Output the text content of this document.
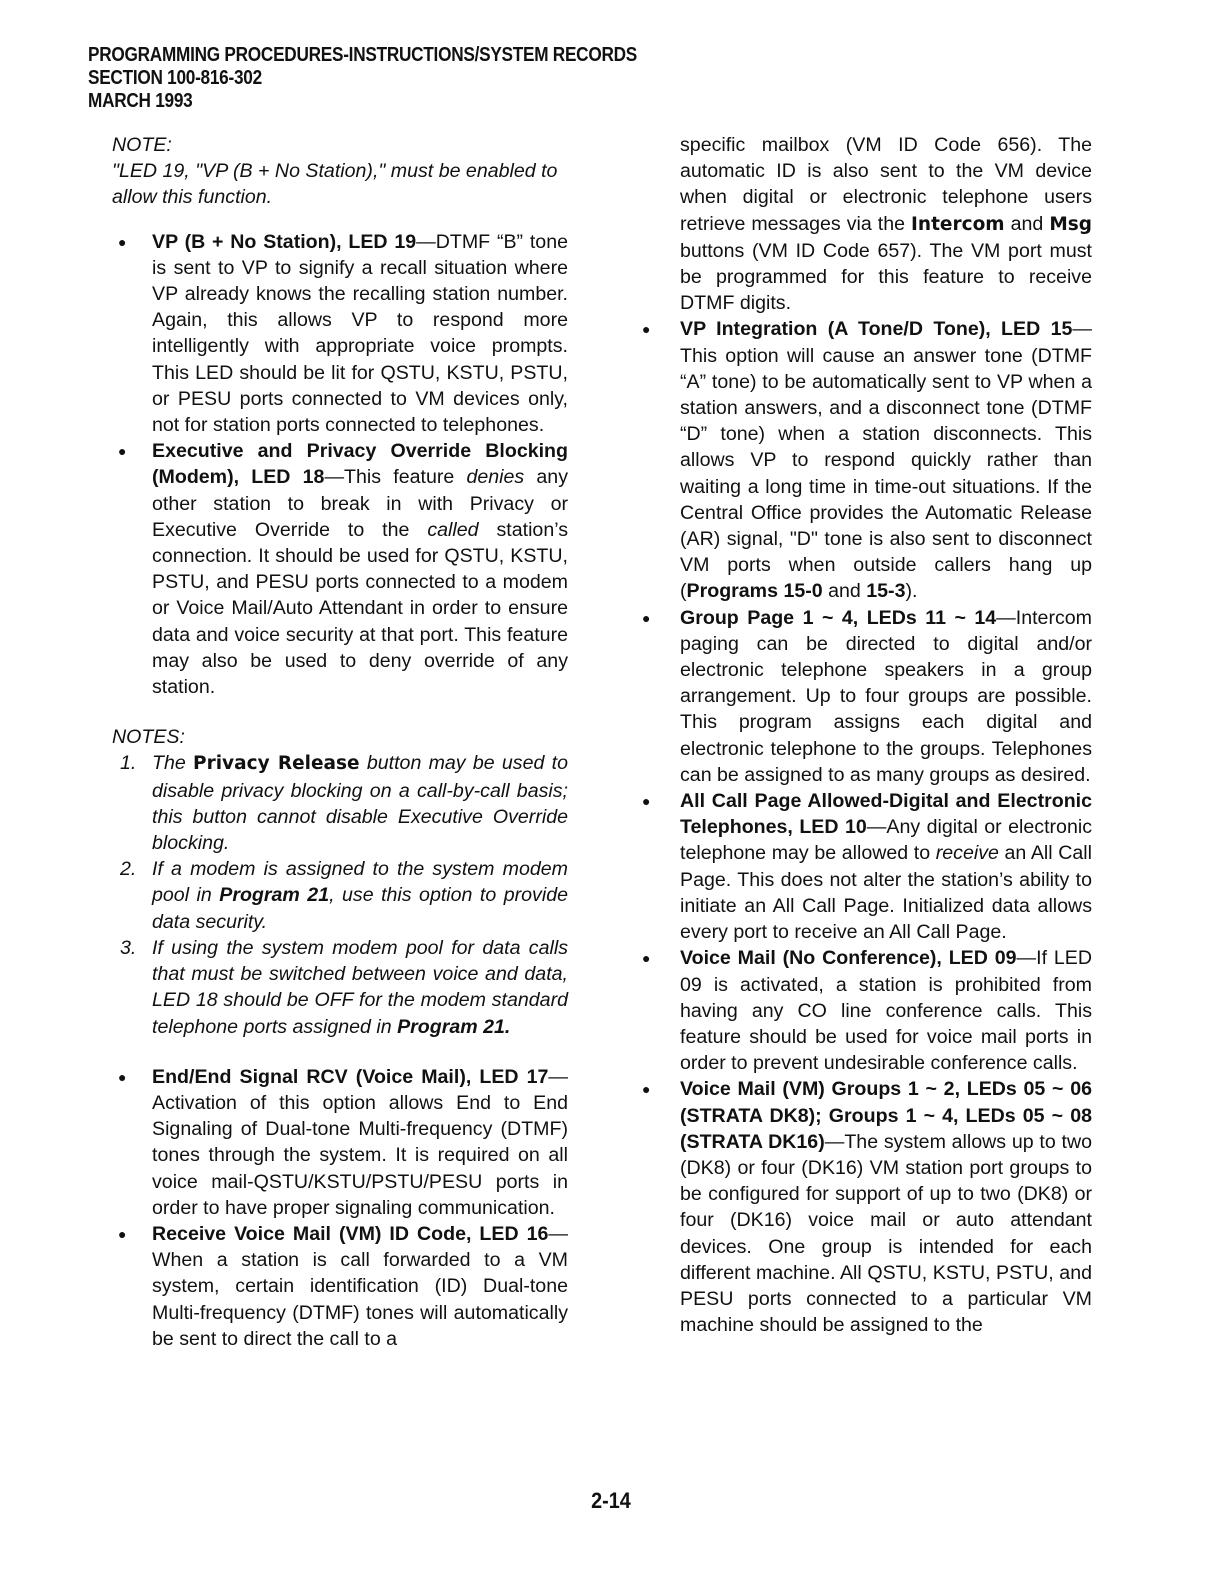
PROGRAMMING PROCEDURES-INSTRUCTIONS/SYSTEM RECORDS
SECTION 100-816-302
MARCH 1993

NOTE:

"LED 19, "VP (B + No Station)," must be enabled to allow this function.

● VP (B + No Station), LED 19—DTMF “B” tone is sent to VP to signify a recall situation where VP already knows the recalling station number. Again, this allows VP to respond more intelligently with appropriate voice prompts. This LED should be lit for QSTU, KSTU, PSTU, or PESU ports connected to VM devices only, not for station ports connected to telephones.
● Executive and Privacy Override Blocking (Modem), LED 18—This feature denies any other station to break in with Privacy or Executive Override to the called station’s connection. It should be used for QSTU, KSTU, PSTU, and PESU ports connected to a modem or Voice Mail/Auto Attendant in order to ensure data and voice security at that port. This feature may also be used to deny override of any station.

NOTES:

1. The Privacy Release button may be used to disable privacy blocking on a call-by-call basis; this button cannot disable Executive Override blocking.
2. If a modem is assigned to the system modem pool in Program 21, use this option to provide data security.
3. If using the system modem pool for data calls that must be switched between voice and data, LED 18 should be OFF for the modem standard telephone ports assigned in Program 21.
● End/End Signal RCV (Voice Mail), LED 17—Activation of this option allows End to End Signaling of Dual-tone Multi-frequency (DTMF) tones through the system. It is required on all voice mail-QSTU/KSTU/PSTU/PESU ports in order to have proper signaling communication.
● Receive Voice Mail (VM) ID Code, LED 16—When a station is call forwarded to a VM system, certain identification (ID) Dual-tone Multi-frequency (DTMF) tones will automatically be sent to direct the call to a
specific mailbox (VM ID Code 656). The automatic ID is also sent to the VM device when digital or electronic telephone users retrieve messages via the Intercom and Msg buttons (VM ID Code 657). The VM port must be programmed for this feature to receive DTMF digits.
● VP Integration (A Tone/D Tone), LED 15—This option will cause an answer tone (DTMF “A” tone) to be automatically sent to VP when a station answers, and a disconnect tone (DTMF “D” tone) when a station disconnects. This allows VP to respond quickly rather than waiting a long time in time-out situations. If the Central Office provides the Automatic Release (AR) signal, "D" tone is also sent to disconnect VM ports when outside callers hang up (Programs 15-0 and 15-3).
● Group Page 1 ~ 4, LEDs 11 ~ 14—Intercom paging can be directed to digital and/or electronic telephone speakers in a group arrangement. Up to four groups are possible. This program assigns each digital and electronic telephone to the groups. Telephones can be assigned to as many groups as desired.
● All Call Page Allowed-Digital and Electronic Telephones, LED 10—Any digital or electronic telephone may be allowed to receive an All Call Page. This does not alter the station’s ability to initiate an All Call Page. Initialized data allows every port to receive an All Call Page.
● Voice Mail (No Conference), LED 09—If LED 09 is activated, a station is prohibited from having any CO line conference calls. This feature should be used for voice mail ports in order to prevent undesirable conference calls.
● Voice Mail (VM) Groups 1 ~ 2, LEDs 05 ~ 06 (STRATA DK8); Groups 1 ~ 4, LEDs 05 ~ 08 (STRATA DK16)—The system allows up to two (DK8) or four (DK16) VM station port groups to be configured for support of up to two (DK8) or four (DK16) voice mail or auto attendant devices. One group is intended for each different machine. All QSTU, KSTU, PSTU, and PESU ports connected to a particular VM machine should be assigned to the
2-14
